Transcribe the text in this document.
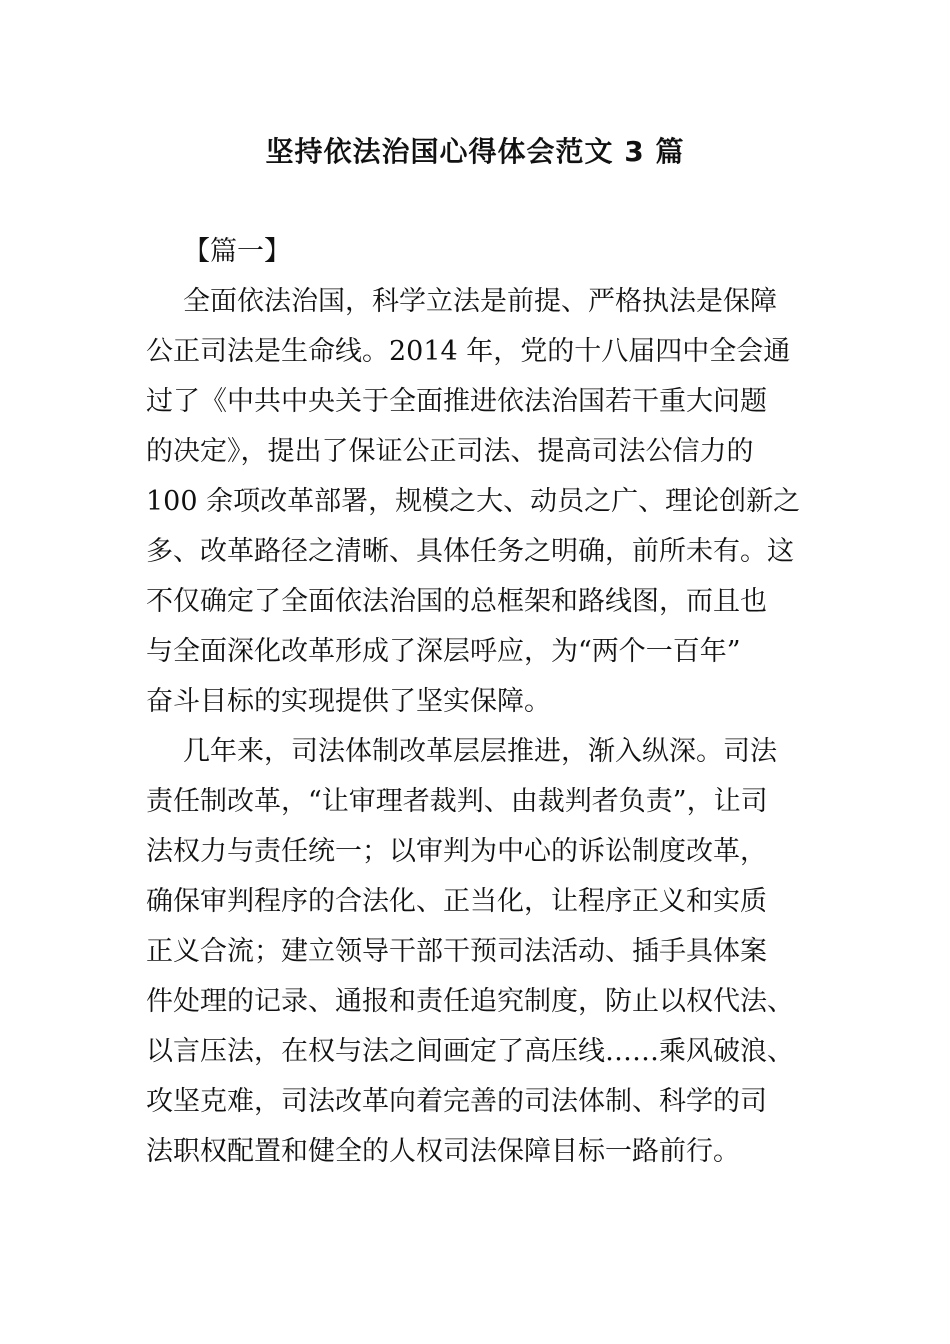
坚持依法治国心得体会范文 3 篇
【篇一】
全面依法治国，科学立法是前提、严格执法是保障
公正司法是生命线。2014 年，党的十八届四中全会通
过了《中共中央关于全面推进依法治国若干重大问题
的决定》，提出了保证公正司法、提高司法公信力的
100 余项改革部署，规模之大、动员之广、理论创新之
多、改革路径之清晰、具体任务之明确，前所未有。这
不仅确定了全面依法治国的总框架和路线图，而且也
与全面深化改革形成了深层呼应，为“两个一百年”
奋斗目标的实现提供了坚实保障。
几年来，司法体制改革层层推进，渐入纵深。司法
责任制改革，“让审理者裁判、由裁判者负责”，让司
法权力与责任统一；以审判为中心的诉讼制度改革，
确保审判程序的合法化、正当化，让程序正义和实质
正义合流；建立领导干部干预司法活动、插手具体案
件处理的记录、通报和责任追究制度，防止以权代法、
以言压法，在权与法之间画定了高压线……乘风破浪、
攻坚克难，司法改革向着完善的司法体制、科学的司
法职权配置和健全的人权司法保障目标一路前行。
